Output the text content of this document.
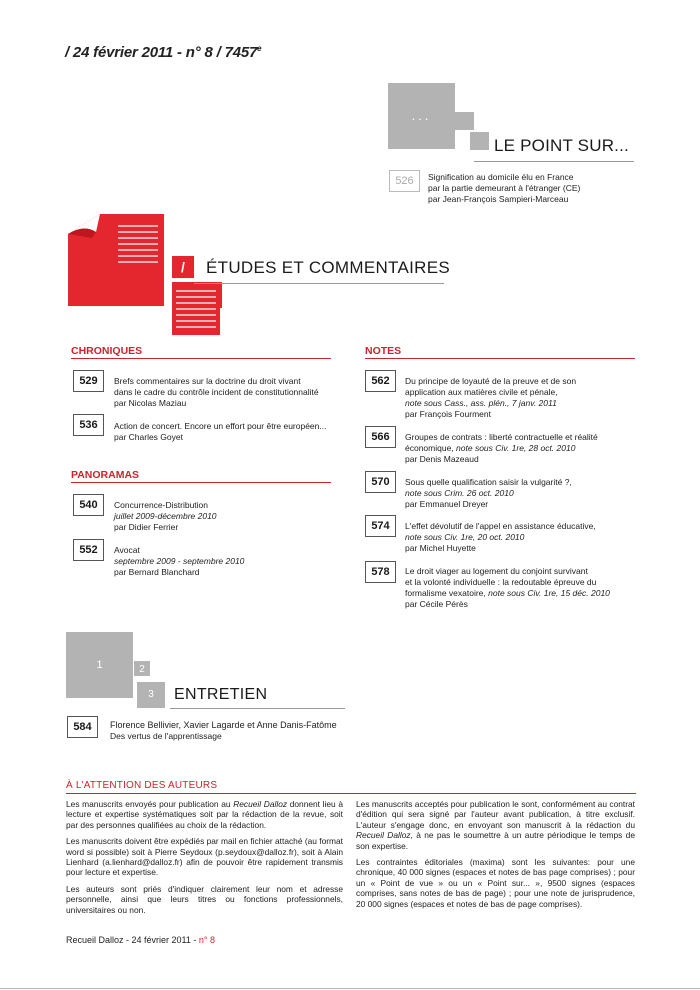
/ 24 février 2011 - n° 8 / 7457e
...
LE POINT SUR...
526	Signification au domicile élu en France
par la partie demeurant à l'étranger (CE)
par Jean-François Sampieri-Marceau
/	ÉTUDES ET COMMENTAIRES
CHRONIQUES
529	Brefs commentaires sur la doctrine du droit vivant
dans le cadre du contrôle incident de constitutionnalité
par Nicolas Maziau
536	Action de concert. Encore un effort pour être européen...
par Charles Goyet
PANORAMAS
540	Concurrence-Distribution
juillet 2009-décembre 2010
par Didier Ferrier
552	Avocat
septembre 2009 - septembre 2010
par Bernard Blanchard
NOTES
562	Du principe de loyauté de la preuve et de son
application aux matières civile et pénale,
note sous Cass., ass. plén., 7 janv. 2011
par François Fourment
566	Groupes de contrats : liberté contractuelle et réalité
économique, note sous Civ. 1re, 28 oct. 2010
par Denis Mazeaud
570	Sous quelle qualification saisir la vulgarité ?,
note sous Crim. 26 oct. 2010
par Emmanuel Dreyer
574	L'effet dévolutif de l'appel en assistance éducative,
note sous Civ. 1re, 20 oct. 2010
par Michel Huyette
578	Le droit viager au logement du conjoint survivant
et la volonté individuelle : la redoutable épreuve du
formalisme vexatoire, note sous Civ. 1re, 15 déc. 2010
par Cécile Pérès
1	2
3	ENTRETIEN
584	Florence Bellivier, Xavier Lagarde et Anne Danis-Fatôme
Des vertus de l'apprentissage
À L'ATTENTION DES AUTEURS

Les manuscrits envoyés pour publication au Recueil Dalloz donnent lieu à lecture et expertise systématiques soit par la rédaction de la revue, soit par des personnes qualifiées au choix de la rédaction.

Les manuscrits doivent être expédiés par mail en fichier attaché (au format word si possible) soit à Pierre Seydoux (p.seydoux@dalloz.fr), soit à Alain Lienhard (a.lienhard@dalloz.fr) afin de pouvoir être rapidement transmis pour lecture et expertise.

Les auteurs sont priés d'indiquer clairement leur nom et adresse personnelle, ainsi que leurs titres ou fonctions professionnels, universitaires ou non.

Les manuscrits acceptés pour publication le sont, conformément au contrat d'édition qui sera signé par l'auteur avant publication, à titre exclusif. L'auteur s'engage donc, en envoyant son manuscrit à la rédaction du Recueil Dalloz, à ne pas le soumettre à un autre périodique le temps de son expertise.

Les contraintes éditoriales (maxima) sont les suivantes: pour une chronique, 40 000 signes (espaces et notes de bas page comprises) ; pour un « Point de vue » ou un « Point sur... », 9500 signes (espaces comprises, sans notes de bas de page) ; pour une note de jurisprudence, 20 000 signes (espaces et notes de bas de page comprises).

Recueil Dalloz - 24 février 2011 - n° 8
